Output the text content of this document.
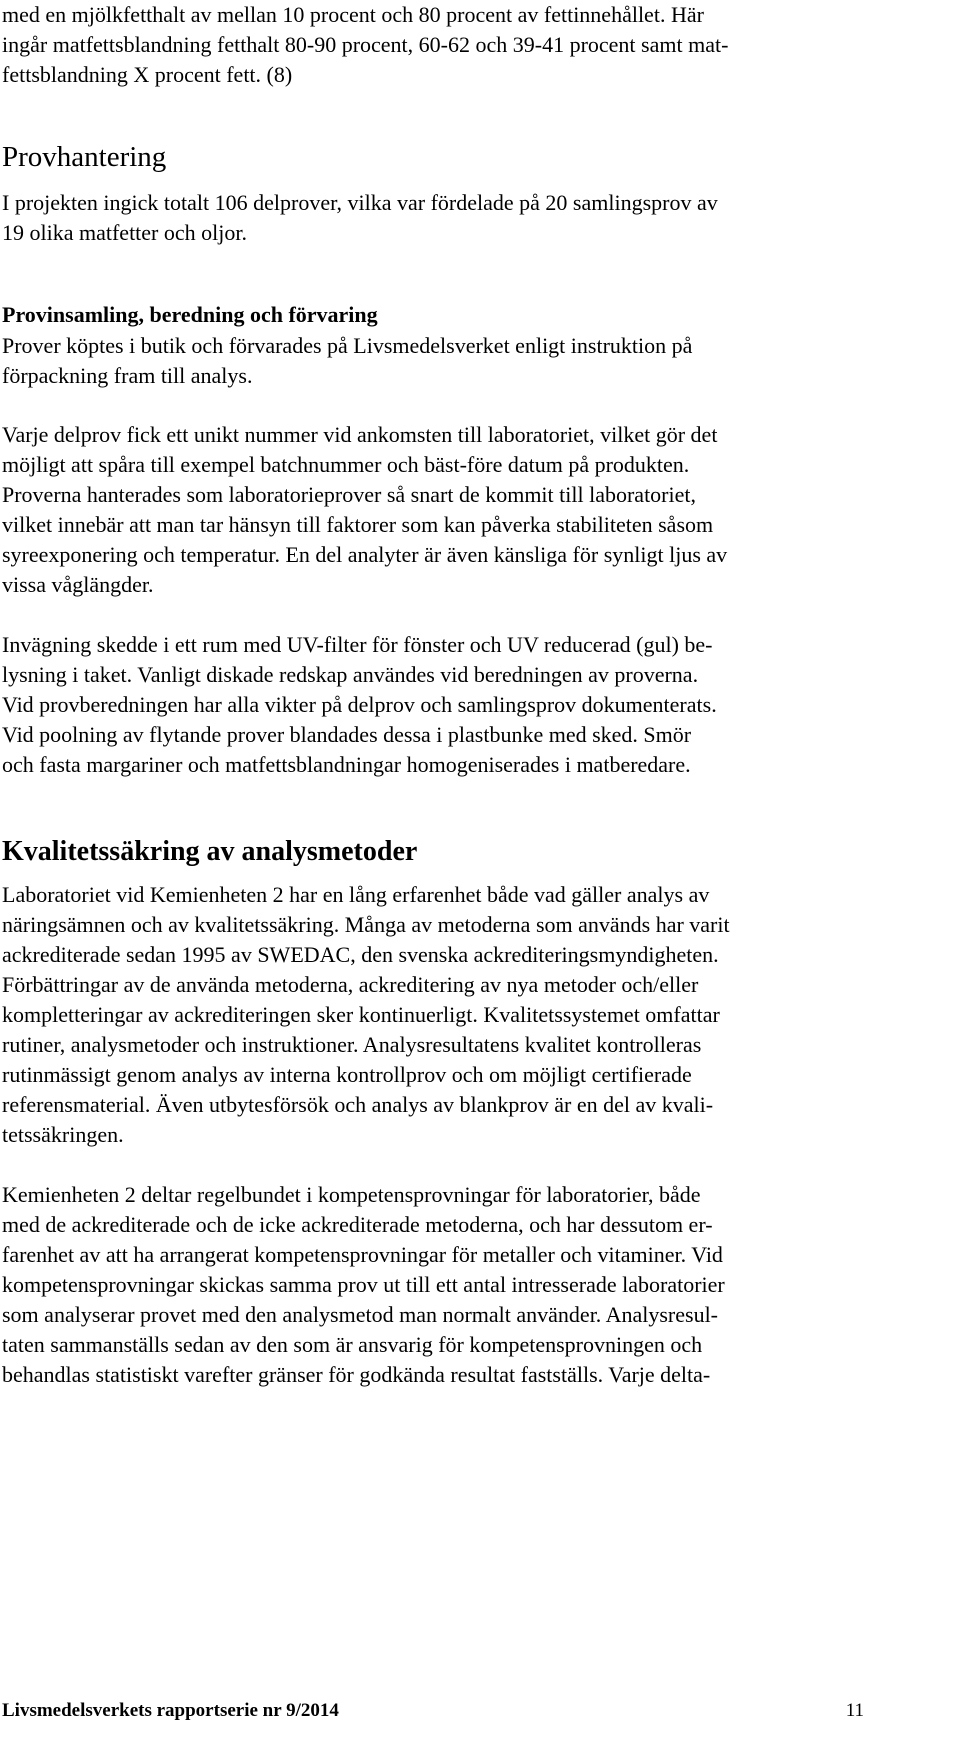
med en mjölkfetthalt av mellan 10 procent och 80 procent av fettinnehållet. Här
ingår matfettsblandning fetthalt 80-90 procent, 60-62 och 39-41 procent samt mat-
fettsblandning X procent fett. (8)
Provhantering
I projekten ingick totalt 106 delprover, vilka var fördelade på 20 samlingsprov av
19 olika matfetter och oljor.
Provinsamling, beredning och förvaring
Prover köptes i butik och förvarades på Livsmedelsverket enligt instruktion på
förpackning fram till analys.
Varje delprov fick ett unikt nummer vid ankomsten till laboratoriet, vilket gör det
möjligt att spåra till exempel batchnummer och bäst-före datum på produkten.
Proverna hanterades som laboratorieprover så snart de kommit till laboratoriet,
vilket innebär att man tar hänsyn till faktorer som kan påverka stabiliteten såsom
syreexponering och temperatur. En del analyter är även känsliga för synligt ljus av
vissa våglängder.
Invägning skedde i ett rum med UV-filter för fönster och UV reducerad (gul) be-
lysning i taket. Vanligt diskade redskap användes vid beredningen av proverna.
Vid provberedningen har alla vikter på delprov och samlingsprov dokumenterats.
Vid poolning av flytande prover blandades dessa i plastbunke med sked. Smör
och fasta margariner och matfettsblandningar homogeniserades i matberedare.
Kvalitetssäkring av analysmetoder
Laboratoriet vid Kemienheten 2 har en lång erfarenhet både vad gäller analys av
näringsämnen och av kvalitetssäkring. Många av metoderna som används har varit
ackrediterade sedan 1995 av SWEDAC, den svenska ackrediteringsmyndigheten.
Förbättringar av de använda metoderna, ackreditering av nya metoder och/eller
kompletteringar av ackrediteringen sker kontinuerligt. Kvalitetssystemet omfattar
rutiner, analysmetoder och instruktioner. Analysresultatens kvalitet kontrolleras
rutinmässigt genom analys av interna kontrollprov och om möjligt certifierade
referensmaterial. Även utbytesförsök och analys av blankprov är en del av kvali-
tetssäkringen.
Kemienheten 2 deltar regelbundet i kompetensprovningar för laboratorier, både
med de ackrediterade och de icke ackrediterade metoderna, och har dessutom er-
farenhet av att ha arrangerat kompetensprovningar för metaller och vitaminer. Vid
kompetensprovningar skickas samma prov ut till ett antal intresserade laboratorier
som analyserar provet med den analysmetod man normalt använder. Analysresul-
taten sammanställs sedan av den som är ansvarig för kompetensprovningen och
behandlas statistiskt varefter gränser för godkända resultat fastställs. Varje delta-
Livsmedelsverkets rapportserie nr 9/2014	11
